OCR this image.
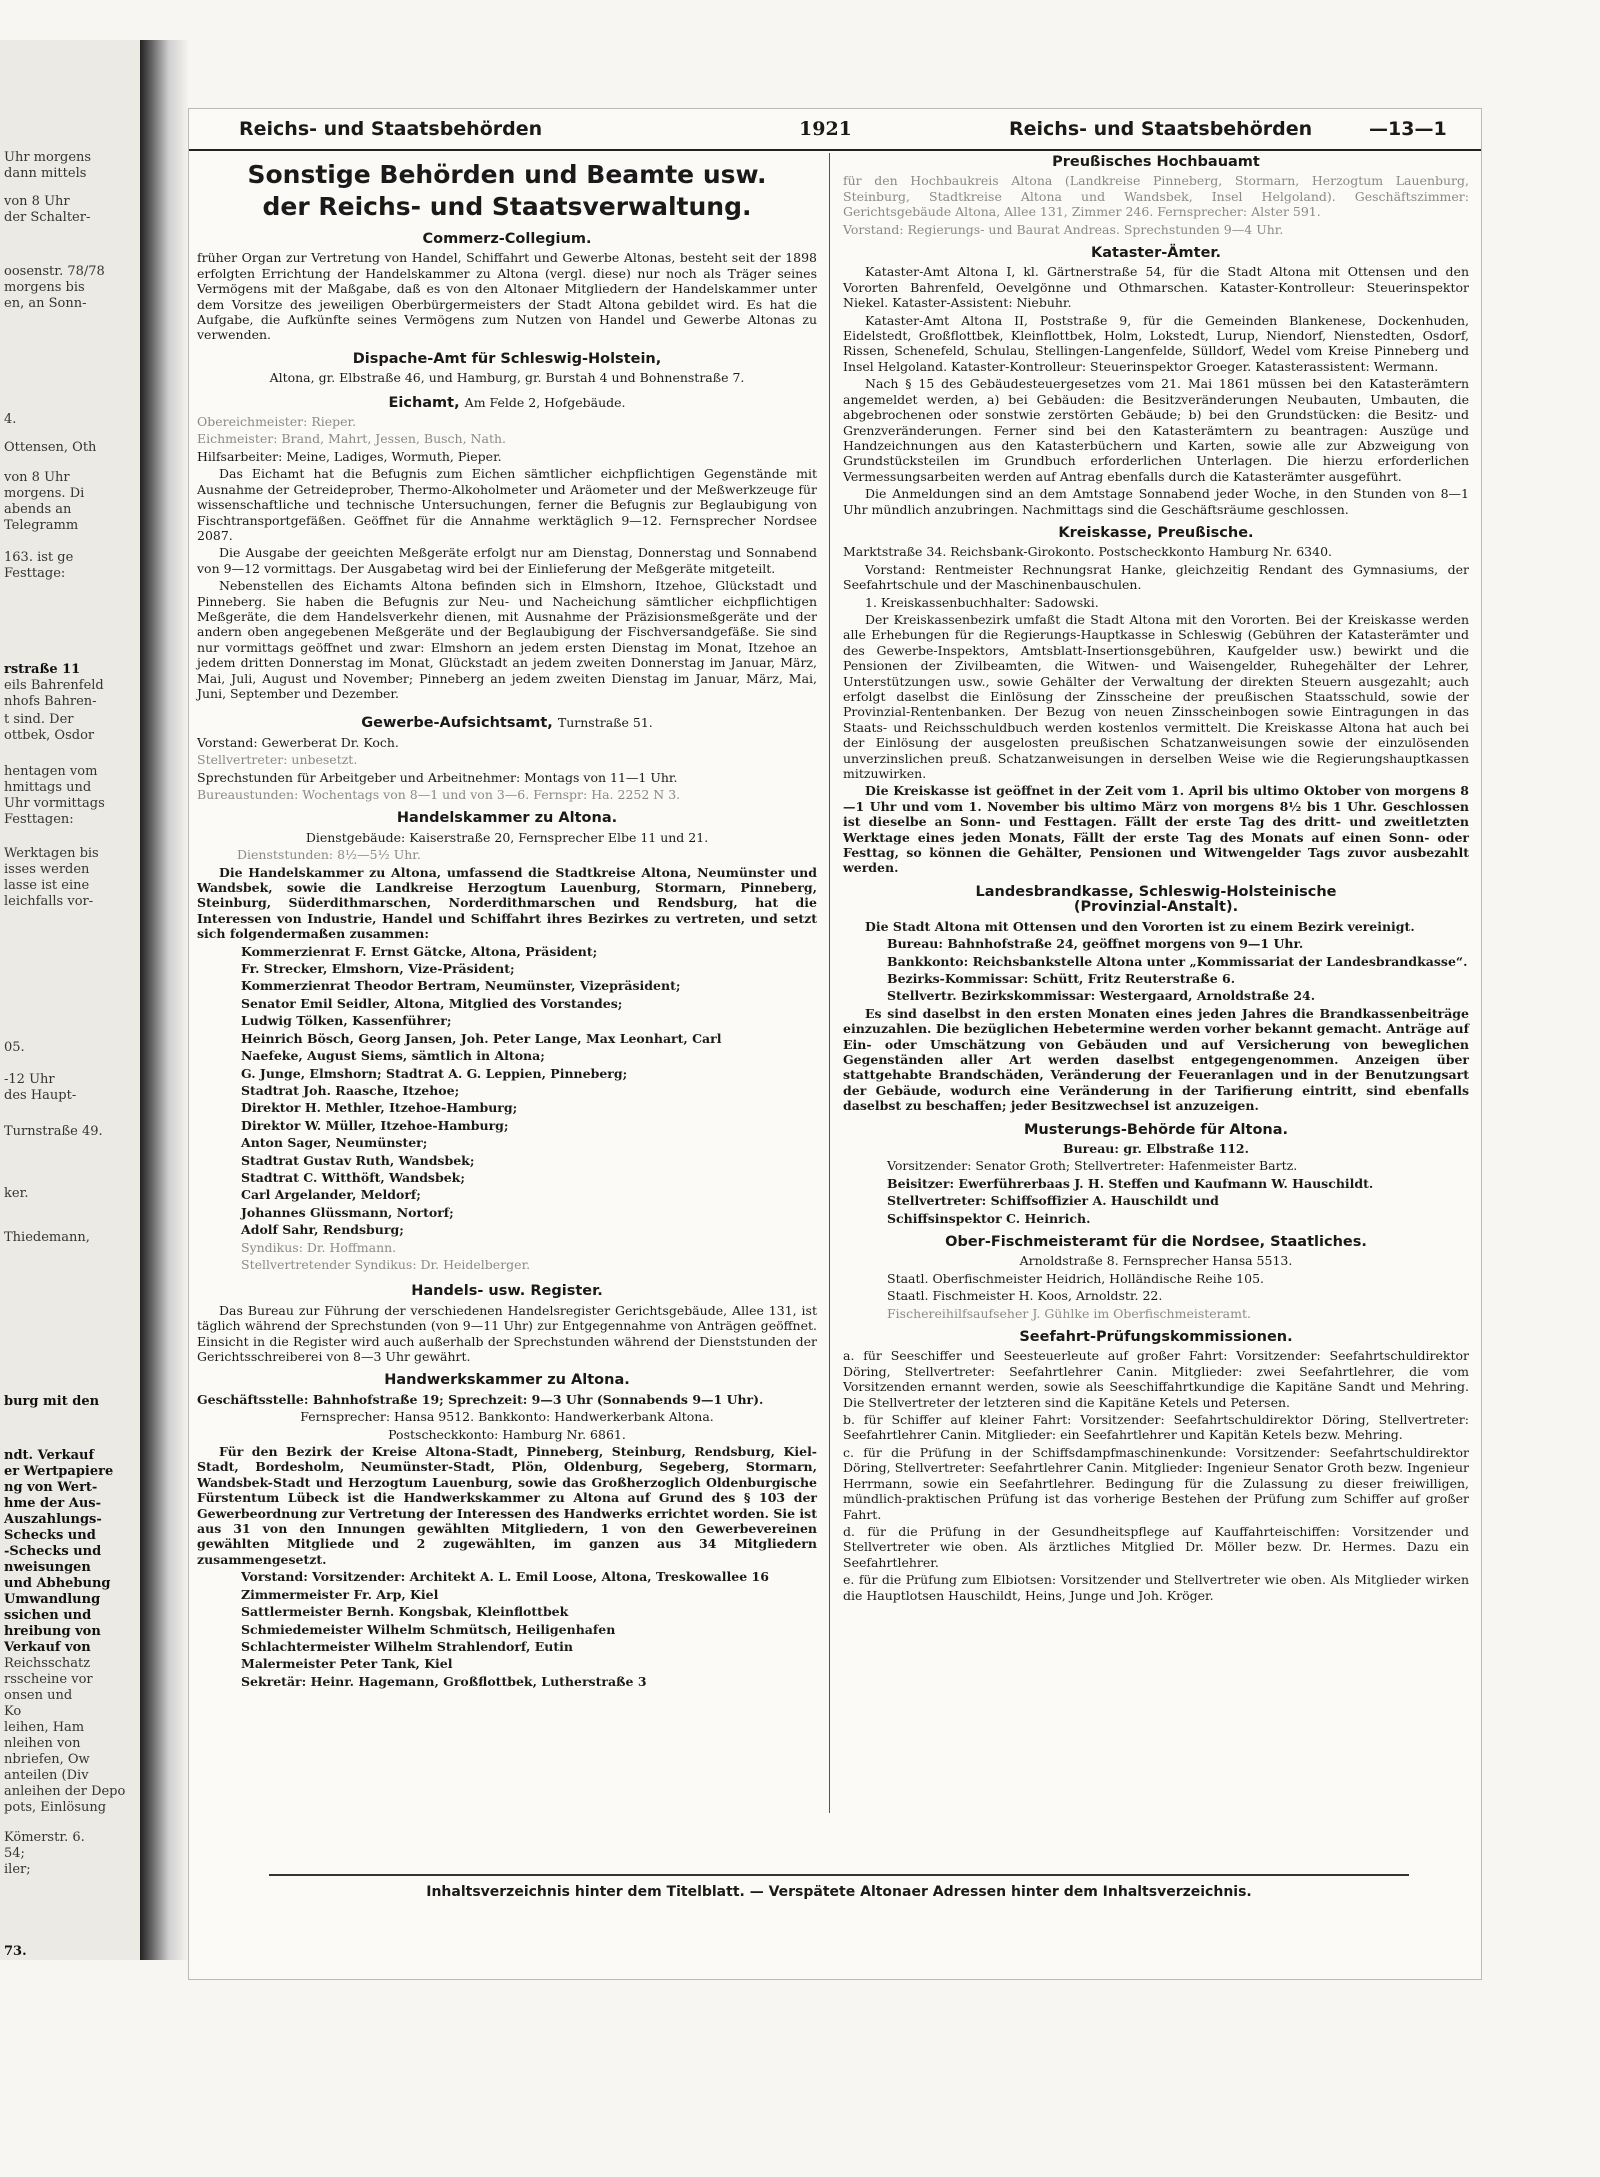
Uhr morgens
dann mittels
von 8 Uhr
der Schalter-
oosenstr. 78/78
morgens bis
en, an Sonn-
4.
Ottensen, Oth
von 8 Uhr
morgens. Di
abends an
Telegramm
163. ist ge
Festtage:
rstraße 11
eils Bahrenfeld
nhofs Bahren-
t sind. Der
ottbek, Osdor
hentagen vom
hmittags und
Uhr vormittags
Festtagen:
Werktagen bis
isses werden
lasse ist eine
leichfalls vor-
05.
-12 Uhr
des Haupt-
Turnstraße 49.
ker.
Thiedemann,
burg mit den
ndt. Verkauf
er Wertpapiere
ng von Wert-
hme der Aus-
Auszahlungs-
Schecks und
-Schecks und
nweisungen
und Abhebung
Umwandlung
ssichen und
hreibung von
Verkauf von
Reichsschatz
rsscheine vor
onsen und
Ko
leihen, Ham
nleihen von
nbriefen, Ow
anteilen (Div
anleihen der Depo
pots, Einlösung
Kömerstr. 6.
54;
iler;
73.
Reichs- und Staatsbehörden	1921	Reichs- und Staatsbehörden	—13—1
Sonstige Behörden und Beamte usw.
der Reichs- und Staatsverwaltung.
Commerz-Collegium.

früher Organ zur Vertretung von Handel, Schiffahrt und Gewerbe Altonas, besteht seit der 1898 erfolgten Errichtung der Handelskammer zu Altona (vergl. diese) nur noch als Träger seines Vermögens mit der Maßgabe, daß es von den Altonaer Mitgliedern der Handelskammer unter dem Vorsitze des jeweiligen Oberbürgermeisters der Stadt Altona gebildet wird. Es hat die Aufgabe, die Aufkünfte seines Vermögens zum Nutzen von Handel und Gewerbe Altonas zu verwenden.

Dispache-Amt für Schleswig-Holstein,

Altona, gr. Elbstraße 46, und Hamburg, gr. Burstah 4 und Bohnenstraße 7.

Eichamt, Am Felde 2, Hofgebäude.

Obereichmeister: Rieper.

Eichmeister: Brand, Mahrt, Jessen, Busch, Nath.

Hilfsarbeiter: Meine, Ladiges, Wormuth, Pieper.

Das Eichamt hat die Befugnis zum Eichen sämtlicher eichpflichtigen Gegenstände mit Ausnahme der Getreideprober, Thermo-Alkoholmeter und Aräometer und der Meßwerkzeuge für wissenschaftliche und technische Untersuchungen, ferner die Befugnis zur Beglaubigung von Fischtransportgefäßen. Geöffnet für die Annahme werktäglich 9—12. Fernsprecher Nordsee 2087.

Die Ausgabe der geeichten Meßgeräte erfolgt nur am Dienstag, Donnerstag und Sonnabend von 9—12 vormittags. Der Ausgabetag wird bei der Einlieferung der Meßgeräte mitgeteilt.

Nebenstellen des Eichamts Altona befinden sich in Elmshorn, Itzehoe, Glückstadt und Pinneberg. Sie haben die Befugnis zur Neu- und Nacheichung sämtlicher eichpflichtigen Meßgeräte, die dem Handelsverkehr dienen, mit Ausnahme der Präzisionsmeßgeräte und der andern oben angegebenen Meßgeräte und der Beglaubigung der Fischversandgefäße. Sie sind nur vormittags geöffnet und zwar: Elmshorn an jedem ersten Dienstag im Monat, Itzehoe an jedem dritten Donnerstag im Monat, Glückstadt an jedem zweiten Donnerstag im Januar, März, Mai, Juli, August und November; Pinneberg an jedem zweiten Dienstag im Januar, März, Mai, Juni, September und Dezember.

Gewerbe-Aufsichtsamt, Turnstraße 51.

Vorstand: Gewerberat Dr. Koch.

Stellvertreter: unbesetzt.

Sprechstunden für Arbeitgeber und Arbeitnehmer: Montags von 11—1 Uhr.

Bureaustunden: Wochentags von 8—1 und von 3—6. Fernspr: Ha. 2252 N 3.

Handelskammer zu Altona.

Dienstgebäude: Kaiserstraße 20, Fernsprecher Elbe 11 und 21.

Dienststunden: 8½—5½ Uhr.

Die Handelskammer zu Altona, umfassend die Stadtkreise Altona, Neumünster und Wandsbek, sowie die Landkreise Herzogtum Lauenburg, Stormarn, Pinneberg, Steinburg, Süderdithmarschen, Norderdithmarschen und Rendsburg, hat die Interessen von Industrie, Handel und Schiffahrt ihres Bezirkes zu vertreten, und setzt sich folgendermaßen zusammen:

Kommerzienrat F. Ernst Gätcke, Altona, Präsident;

Fr. Strecker, Elmshorn, Vize-Präsident;

Kommerzienrat Theodor Bertram, Neumünster, Vizepräsident;

Senator Emil Seidler, Altona, Mitglied des Vorstandes;

Ludwig Tölken, Kassenführer;

Heinrich Bösch, Georg Jansen, Joh. Peter Lange, Max Leonhart, Carl

Naefeke, August Siems, sämtlich in Altona;

G. Junge, Elmshorn; Stadtrat A. G. Leppien, Pinneberg;

Stadtrat Joh. Raasche, Itzehoe;

Direktor H. Methler, Itzehoe-Hamburg;

Direktor W. Müller, Itzehoe-Hamburg;

Anton Sager, Neumünster;

Stadtrat Gustav Ruth, Wandsbek;

Stadtrat C. Witthöft, Wandsbek;

Carl Argelander, Meldorf;

Johannes Glüssmann, Nortorf;

Adolf Sahr, Rendsburg;

Syndikus: Dr. Hoffmann.

Stellvertretender Syndikus: Dr. Heidelberger.

Handels- usw. Register.

Das Bureau zur Führung der verschiedenen Handelsregister Gerichtsgebäude, Allee 131, ist täglich während der Sprechstunden (von 9—11 Uhr) zur Entgegennahme von Anträgen geöffnet. Einsicht in die Register wird auch außerhalb der Sprechstunden während der Dienststunden der Gerichtsschreiberei von 8—3 Uhr gewährt.

Handwerkskammer zu Altona.

Geschäftsstelle: Bahnhofstraße 19; Sprechzeit: 9—3 Uhr (Sonnabends 9—1 Uhr).

Fernsprecher: Hansa 9512. Bankkonto: Handwerkerbank Altona.

Postscheckkonto: Hamburg Nr. 6861.

Für den Bezirk der Kreise Altona-Stadt, Pinneberg, Steinburg, Rendsburg, Kiel-Stadt, Bordesholm, Neumünster-Stadt, Plön, Oldenburg, Segeberg, Stormarn, Wandsbek-Stadt und Herzogtum Lauenburg, sowie das Großherzoglich Oldenburgische Fürstentum Lübeck ist die Handwerkskammer zu Altona auf Grund des § 103 der Gewerbeordnung zur Vertretung der Interessen des Handwerks errichtet worden. Sie ist aus 31 von den Innungen gewählten Mitgliedern, 1 von den Gewerbevereinen gewählten Mitgliede und 2 zugewählten, im ganzen aus 34 Mitgliedern zusammengesetzt.

Vorstand: Vorsitzender: Architekt A. L. Emil Loose, Altona, Treskowallee 16

Zimmermeister Fr. Arp, Kiel

Sattlermeister Bernh. Kongsbak, Kleinflottbek

Schmiedemeister Wilhelm Schmütsch, Heiligenhafen

Schlachtermeister Wilhelm Strahlendorf, Eutin

Malermeister Peter Tank, Kiel

Sekretär: Heinr. Hagemann, Großflottbek, Lutherstraße 3

Preußisches Hochbauamt

für den Hochbaukreis Altona (Landkreise Pinneberg, Stormarn, Herzogtum Lauenburg, Steinburg, Stadtkreise Altona und Wandsbek, Insel Helgoland). Geschäftszimmer: Gerichtsgebäude Altona, Allee 131, Zimmer 246. Fernsprecher: Alster 591.

Vorstand: Regierungs- und Baurat Andreas. Sprechstunden 9—4 Uhr.

Kataster-Ämter.

Kataster-Amt Altona I, kl. Gärtnerstraße 54, für die Stadt Altona mit Ottensen und den Vororten Bahrenfeld, Oevelgönne und Othmarschen. Kataster-Kontrolleur: Steuerinspektor Niekel. Kataster-Assistent: Niebuhr.

Kataster-Amt Altona II, Poststraße 9, für die Gemeinden Blankenese, Dockenhuden, Eidelstedt, Großflottbek, Kleinflottbek, Holm, Lokstedt, Lurup, Niendorf, Nienstedten, Osdorf, Rissen, Schenefeld, Schulau, Stellingen-Langenfelde, Sülldorf, Wedel vom Kreise Pinneberg und Insel Helgoland. Kataster-Kontrolleur: Steuerinspektor Groeger. Katasterassistent: Wermann.

Nach § 15 des Gebäudesteuergesetzes vom 21. Mai 1861 müssen bei den Katasterämtern angemeldet werden, a) bei Gebäuden: die Besitzveränderungen Neubauten, Umbauten, die abgebrochenen oder sonstwie zerstörten Gebäude; b) bei den Grundstücken: die Besitz- und Grenzveränderungen. Ferner sind bei den Katasterämtern zu beantragen: Auszüge und Handzeichnungen aus den Katasterbüchern und Karten, sowie alle zur Abzweigung von Grundstücksteilen im Grundbuch erforderlichen Unterlagen. Die hierzu erforderlichen Vermessungsarbeiten werden auf Antrag ebenfalls durch die Katasterämter ausgeführt.

Die Anmeldungen sind an dem Amtstage Sonnabend jeder Woche, in den Stunden von 8—1 Uhr mündlich anzubringen. Nachmittags sind die Geschäftsräume geschlossen.

Kreiskasse, Preußische.

Marktstraße 34. Reichsbank-Girokonto. Postscheckkonto Hamburg Nr. 6340.

Vorstand: Rentmeister Rechnungsrat Hanke, gleichzeitig Rendant des Gymnasiums, der Seefahrtschule und der Maschinenbauschulen.

1. Kreiskassenbuchhalter: Sadowski.

Der Kreiskassenbezirk umfaßt die Stadt Altona mit den Vororten. Bei der Kreiskasse werden alle Erhebungen für die Regierungs-Hauptkasse in Schleswig (Gebühren der Katasterämter und des Gewerbe-Inspektors, Amtsblatt-Insertionsgebühren, Kaufgelder usw.) bewirkt und die Pensionen der Zivilbeamten, die Witwen- und Waisengelder, Ruhegehälter der Lehrer, Unterstützungen usw., sowie Gehälter der Verwaltung der direkten Steuern ausgezahlt; auch erfolgt daselbst die Einlösung der Zinsscheine der preußischen Staatsschuld, sowie der Provinzial-Rentenbanken. Der Bezug von neuen Zinsscheinbogen sowie Eintragungen in das Staats- und Reichsschuldbuch werden kostenlos vermittelt. Die Kreiskasse Altona hat auch bei der Einlösung der ausgelosten preußischen Schatzanweisungen sowie der einzulösenden unverzinslichen preuß. Schatzanweisungen in derselben Weise wie die Regierungshauptkassen mitzuwirken.

Die Kreiskasse ist geöffnet in der Zeit vom 1. April bis ultimo Oktober von morgens 8—1 Uhr und vom 1. November bis ultimo März von morgens 8½ bis 1 Uhr. Geschlossen ist dieselbe an Sonn- und Festtagen. Fällt der erste Tag des dritt- und zweitletzten Werktage eines jeden Monats, Fällt der erste Tag des Monats auf einen Sonn- oder Festtag, so können die Gehälter, Pensionen und Witwengelder Tags zuvor ausbezahlt werden.

Landesbrandkasse, Schleswig-Holsteinische
(Provinzial-Anstalt).

Die Stadt Altona mit Ottensen und den Vororten ist zu einem Bezirk vereinigt.

Bureau: Bahnhofstraße 24, geöffnet morgens von 9—1 Uhr.

Bankkonto: Reichsbankstelle Altona unter „Kommissariat der Landesbrandkasse“.

Bezirks-Kommissar: Schütt, Fritz Reuterstraße 6.

Stellvertr. Bezirkskommissar: Westergaard, Arnoldstraße 24.

Es sind daselbst in den ersten Monaten eines jeden Jahres die Brandkassenbeiträge einzuzahlen. Die bezüglichen Hebetermine werden vorher bekannt gemacht. Anträge auf Ein- oder Umschätzung von Gebäuden und auf Versicherung von beweglichen Gegenständen aller Art werden daselbst entgegengenommen. Anzeigen über stattgehabte Brandschäden, Veränderung der Feueranlagen und in der Benutzungsart der Gebäude, wodurch eine Veränderung in der Tarifierung eintritt, sind ebenfalls daselbst zu beschaffen; jeder Besitzwechsel ist anzuzeigen.

Musterungs-Behörde für Altona.

Bureau: gr. Elbstraße 112.

Vorsitzender: Senator Groth; Stellvertreter: Hafenmeister Bartz.

Beisitzer: Ewerführerbaas J. H. Steffen und Kaufmann W. Hauschildt.

Stellvertreter: Schiffsoffizier A. Hauschildt und

Schiffsinspektor C. Heinrich.

Ober-Fischmeisteramt für die Nordsee, Staatliches.

Arnoldstraße 8. Fernsprecher Hansa 5513.

Staatl. Oberfischmeister Heidrich, Holländische Reihe 105.

Staatl. Fischmeister H. Koos, Arnoldstr. 22.

Fischereihilfsaufseher J. Gühlke im Oberfischmeisteramt.

Seefahrt-Prüfungskommissionen.

a. für Seeschiffer und Seesteuerleute auf großer Fahrt: Vorsitzender: Seefahrtschuldirektor Döring, Stellvertreter: Seefahrtlehrer Canin. Mitglieder: zwei Seefahrtlehrer, die vom Vorsitzenden ernannt werden, sowie als Seeschiffahrtkundige die Kapitäne Sandt und Mehring. Die Stellvertreter der letzteren sind die Kapitäne Ketels und Petersen.

b. für Schiffer auf kleiner Fahrt: Vorsitzender: Seefahrtschuldirektor Döring, Stellvertreter: Seefahrtlehrer Canin. Mitglieder: ein Seefahrtlehrer und Kapitän Ketels bezw. Mehring.

c. für die Prüfung in der Schiffsdampfmaschinenkunde: Vorsitzender: Seefahrtschuldirektor Döring, Stellvertreter: Seefahrtlehrer Canin. Mitglieder: Ingenieur Senator Groth bezw. Ingenieur Herrmann, sowie ein Seefahrtlehrer. Bedingung für die Zulassung zu dieser freiwilligen, mündlich-praktischen Prüfung ist das vorherige Bestehen der Prüfung zum Schiffer auf großer Fahrt.

d. für die Prüfung in der Gesundheitspflege auf Kauffahrteischiffen: Vorsitzender und Stellvertreter wie oben. Als ärztliches Mitglied Dr. Möller bezw. Dr. Hermes. Dazu ein Seefahrtlehrer.

e. für die Prüfung zum Elbiotsen: Vorsitzender und Stellvertreter wie oben. Als Mitglieder wirken die Hauptlotsen Hauschildt, Heins, Junge und Joh. Kröger.

Inhaltsverzeichnis hinter dem Titelblatt. — Verspätete Altonaer Adressen hinter dem Inhaltsverzeichnis.
